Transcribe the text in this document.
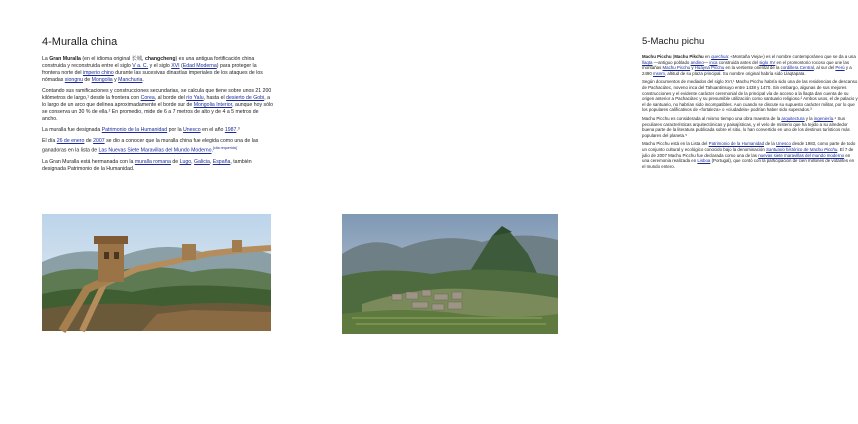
4-Muralla china

La Gran Muralla (en el idioma original 长城, changcheng) es una antigua fortificación china construida y reconstruida entre el siglo V a. C. y el siglo XVI (Edad Moderna) para proteger la frontera norte del imperio chino durante las sucesivas dinastías imperiales de los ataques de los nómadas xiongnu de Mongolia y Manchuria.

Contando sus ramificaciones y construcciones secundarias, se calcula que tiene sobre unos 21 200 kilómetros de largo,¹ desde la frontera con Corea, al borde del río Yalu, hasta el desierto de Gobi, a lo largo de un arco que delinea aproximadamente el borde sur de Mongolia Interior, aunque hoy sólo se conserva un 30 % de ella.² En promedio, mide de 6 a 7 metros de alto y de 4 a 5 metros de ancho.

La muralla fue designada Patrimonio de la Humanidad por la Unesco en el año 1987.³

El día 26 de enero de 2007 se dio a conocer que la muralla china fue elegida como una de las ganadoras en la lista de Las Nuevas Siete Maravillas del Mundo Moderno.[cita requerida]

La Gran Muralla está hermanada con la muralla romana de Lugo, Galicia, España, también designada Patrimonio de la Humanidad.

5-Machu pichu

Machu Picchu (Machu Pikchu en quechua: «Montaña Vieja») es el nombre contemporáneo que se da a una llaqta —antiguo poblado andino— inca construida antes del siglo XV en el promontorio rocoso que une las montañas Machu Picchu y Huayna Picchu en la vertiente oriental de la cordillera Central, al sur del Perú y a 2490 msnm, altitud de su plaza principal. Su nombre original habría sido Llaqtapata.

Según documentos de mediados del siglo XVI,¹ Machu Picchu habría sido una de las residencias de descanso de Pachacútec, noveno inca del Tahuantinsuyo entre 1438 y 1470. Sin embargo, algunas de sus mejores construcciones y el evidente carácter ceremonial de la principal vía de acceso a la llaqta dan cuenta de su origen anterior a Pachacútec y su presumible utilización como santuario religioso.² Ambos usos, el de palacio y el de santuario, no habrían sido incompatibles. Aun cuando se discute su supuesto carácter militar, por lo que los populares calificativos de «fortaleza» o «ciudadela» podrían haber sido superados.³

Machu Picchu es considerada al mismo tiempo una obra maestra de la arquitectura y la ingeniería.⁴ Sus peculiares características arquitectónicas y paisajísticas, y el velo de misterio que ha tejido a su alrededor buena parte de la literatura publicada sobre el sitio, lo han convertido en uno de los destinos turísticos más populares del planeta.⁵

Machu Picchu está en la Lista del Patrimonio de la Humanidad de la Unesco desde 1983, como parte de todo un conjunto cultural y ecológico conocido bajo la denominación Santuario histórico de Machu Picchu. El 7 de julio de 2007 Machu Picchu fue declarada como una de las nuevas siete maravillas del mundo moderno en una ceremonia realizada en Lisboa (Portugal), que contó con la participación de cien millones de votantes en el mundo entero.
